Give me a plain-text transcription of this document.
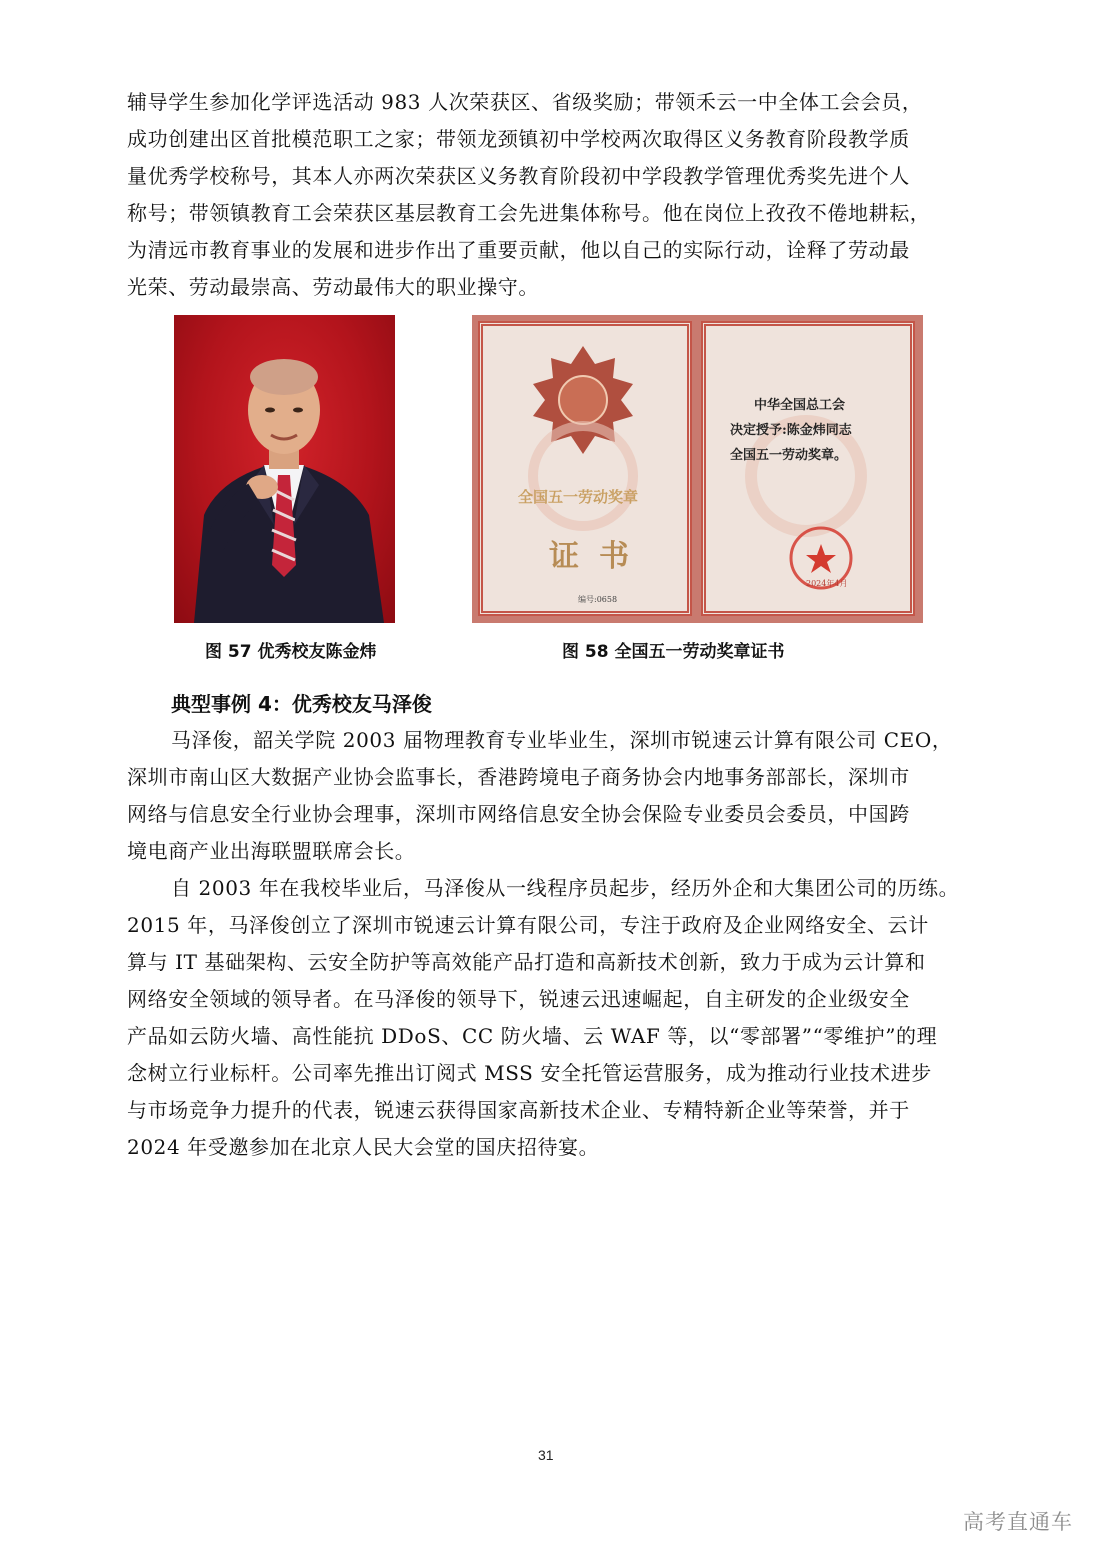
辅导学生参加化学评选活动 983 人次荣获区、省级奖励；带领禾云一中全体工会会员，
成功创建出区首批模范职工之家；带领龙颈镇初中学校两次取得区义务教育阶段教学质
量优秀学校称号，其本人亦两次荣获区义务教育阶段初中学段教学管理优秀奖先进个人
称号；带领镇教育工会荣获区基层教育工会先进集体称号。他在岗位上孜孜不倦地耕耘，
为清远市教育事业的发展和进步作出了重要贡献，他以自己的实际行动，诠释了劳动最
光荣、劳动最崇高、劳动最伟大的职业操守。

全国五一劳动奖章
证书
编号:0658
中华全国总工会
决定授予:陈金炜同志
全国五一劳动奖章。
2024年4月
图 57 优秀校友陈金炜	图 58 全国五一劳动奖章证书
典型事例 4：优秀校友马泽俊

马泽俊，韶关学院 2003 届物理教育专业毕业生，深圳市锐速云计算有限公司 CEO，
深圳市南山区大数据产业协会监事长，香港跨境电子商务协会内地事务部部长，深圳市
网络与信息安全行业协会理事，深圳市网络信息安全协会保险专业委员会委员，中国跨
境电商产业出海联盟联席会长。

自 2003 年在我校毕业后，马泽俊从一线程序员起步，经历外企和大集团公司的历练。
2015 年，马泽俊创立了深圳市锐速云计算有限公司，专注于政府及企业网络安全、云计
算与 IT 基础架构、云安全防护等高效能产品打造和高新技术创新，致力于成为云计算和
网络安全领域的领导者。在马泽俊的领导下，锐速云迅速崛起，自主研发的企业级安全
产品如云防火墙、高性能抗 DDoS、CC 防火墙、云 WAF 等，以“零部署”“零维护”的理
念树立行业标杆。公司率先推出订阅式 MSS 安全托管运营服务，成为推动行业技术进步
与市场竞争力提升的代表，锐速云获得国家高新技术企业、专精特新企业等荣誉，并于
2024 年受邀参加在北京人民大会堂的国庆招待宴。

31
高考直通车
